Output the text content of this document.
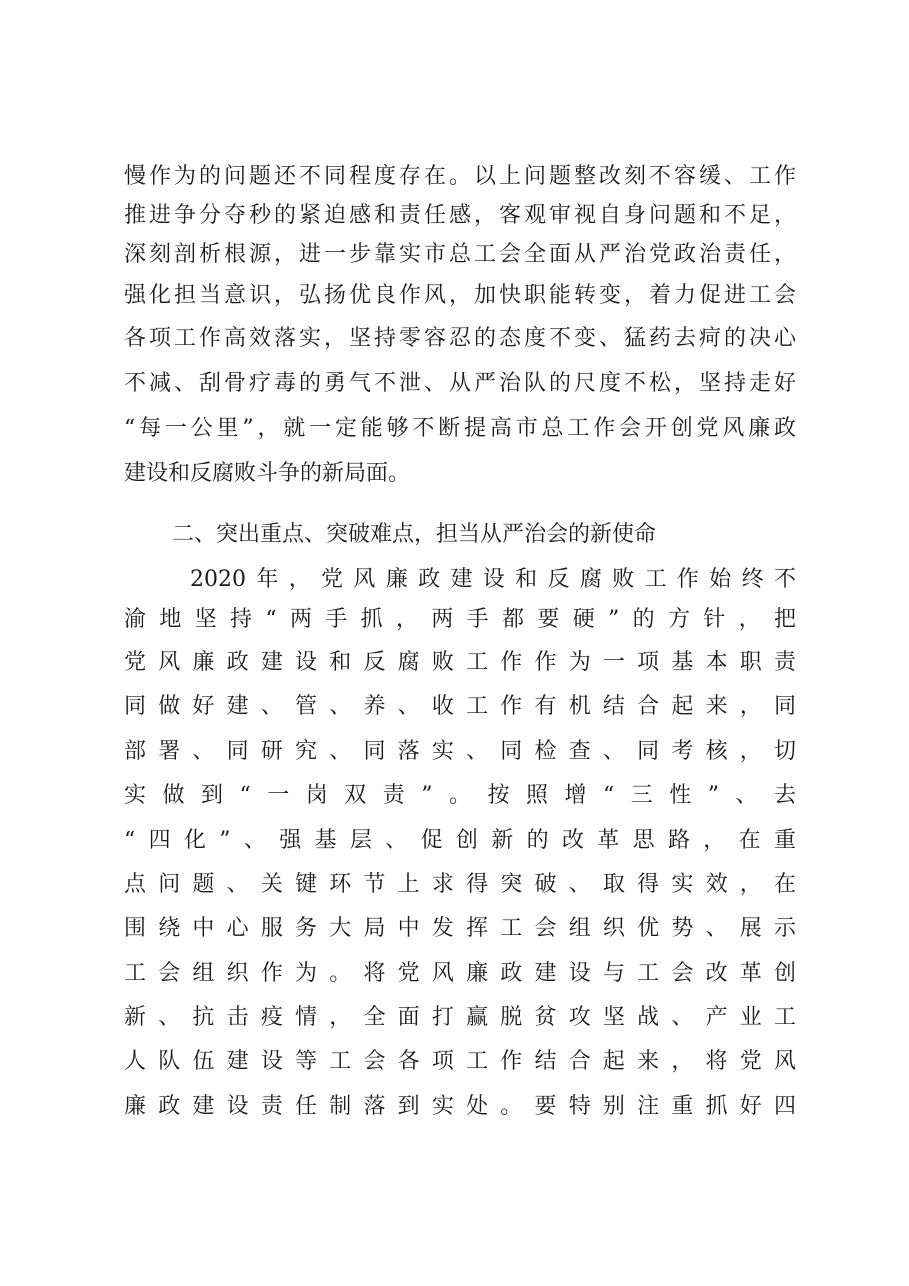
慢作为的问题还不同程度存在。以上问题整改刻不容缓、工作
推进争分夺秒的紧迫感和责任感，客观审视自身问题和不足，
深刻剖析根源，进一步靠实市总工会全面从严治党政治责任，
强化担当意识，弘扬优良作风，加快职能转变，着力促进工会
各项工作高效落实，坚持零容忍的态度不变、猛药去疴的决心
不减、刮骨疗毒的勇气不泄、从严治队的尺度不松，坚持走好
“每一公里”，就一定能够不断提高市总工作会开创党风廉政
建设和反腐败斗争的新局面。
二、突出重点、突破难点，担当从严治会的新使命
2020年，党风廉政建设和反腐败工作始终不
渝地坚持“两手抓，两手都要硬”的方针，把
党风廉政建设和反腐败工作作为一项基本职责
同做好建、管、养、收工作有机结合起来，同
部署、同研究、同落实、同检查、同考核，切
实做到“一岗双责”。按照增“三性”、去
“四化”、强基层、促创新的改革思路，在重
点问题、关键环节上求得突破、取得实效，在
围绕中心服务大局中发挥工会组织优势、展示
工会组织作为。将党风廉政建设与工会改革创
新、抗击疫情，全面打赢脱贫攻坚战、产业工
人队伍建设等工会各项工作结合起来，将党风
廉政建设责任制落到实处。要特别注重抓好四
